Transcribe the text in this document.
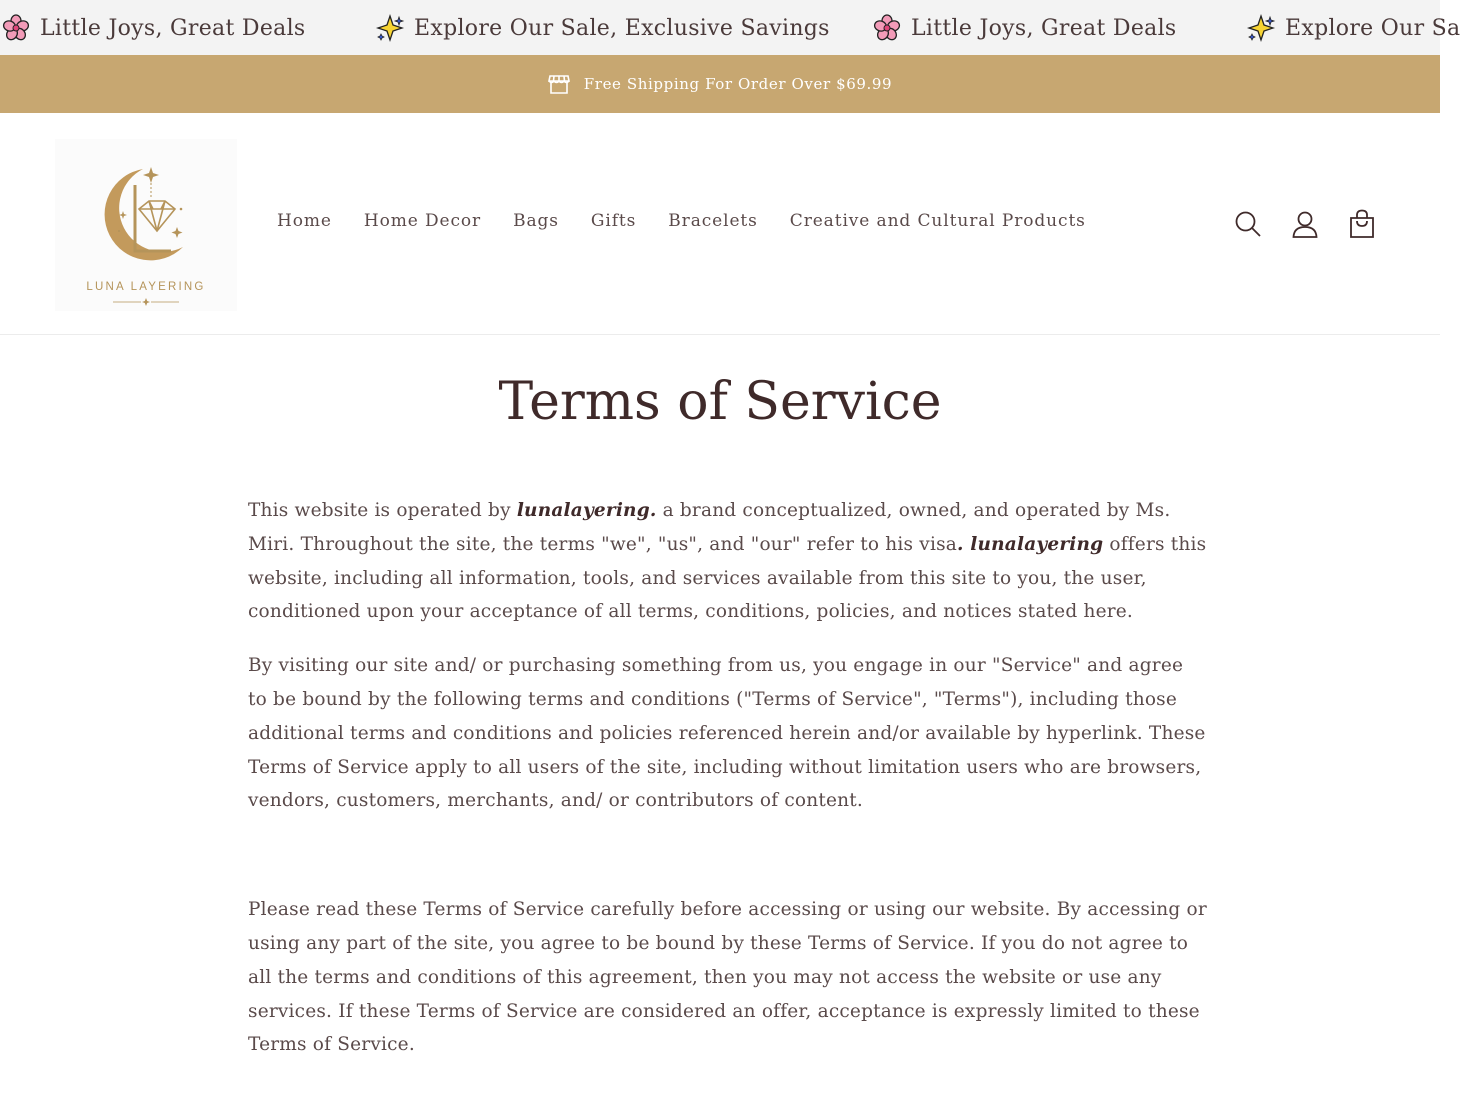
Little Joys, Great Deals	Explore Our Sale, Exclusive Savings	Little Joys, Great Deals	Explore Our Sa
Free Shipping For Order Over $69.99
LUNA LAYERING
Home Home Decor Bags Gifts Bracelets Creative and Cultural Products
Terms of Service

This website is operated by lunalayering. a brand conceptualized, owned, and operated by Ms. Miri. Throughout the site, the terms "we", "us", and "our" refer to his visa. lunalayering offers this website, including all information, tools, and services available from this site to you, the user, conditioned upon your acceptance of all terms, conditions, policies, and notices stated here.

By visiting our site and/ or purchasing something from us, you engage in our "Service" and agree to be bound by the following terms and conditions ("Terms of Service", "Terms"), including those additional terms and conditions and policies referenced herein and/or available by hyperlink. These Terms of Service apply to all users of the site, including without limitation users who are browsers, vendors, customers, merchants, and/ or contributors of content.

Please read these Terms of Service carefully before accessing or using our website. By accessing or using any part of the site, you agree to be bound by these Terms of Service. If you do not agree to all the terms and conditions of this agreement, then you may not access the website or use any services. If these Terms of Service are considered an offer, acceptance is expressly limited to these Terms of Service.
